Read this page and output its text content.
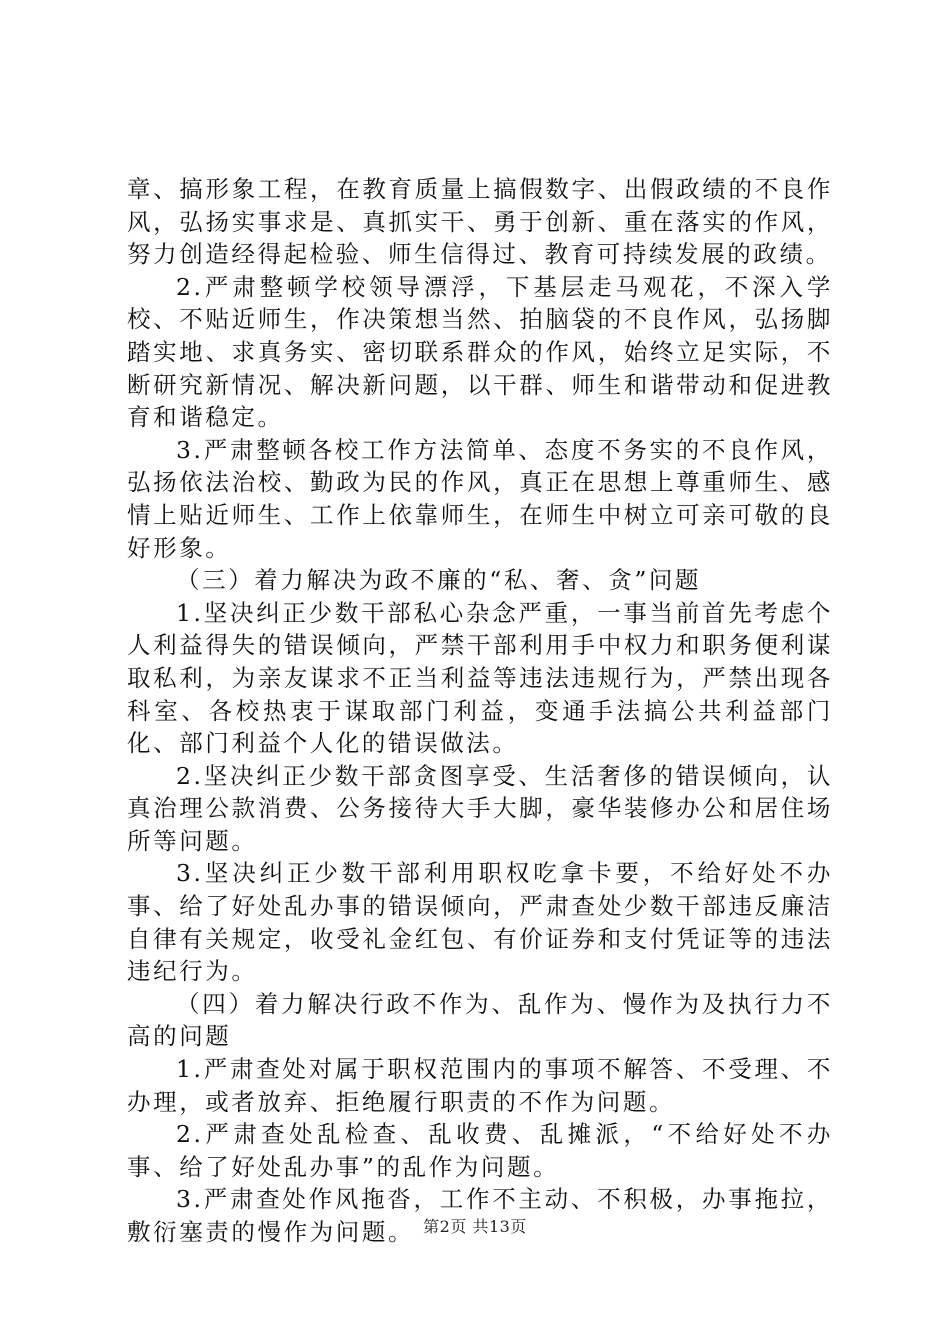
章、搞形象工程，在教育质量上搞假数字、出假政绩的不良作风，弘扬实事求是、真抓实干、勇于创新、重在落实的作风，努力创造经得起检验、师生信得过、教育可持续发展的政绩。

2.严肃整顿学校领导漂浮，下基层走马观花，不深入学校、不贴近师生，作决策想当然、拍脑袋的不良作风，弘扬脚踏实地、求真务实、密切联系群众的作风，始终立足实际，不断研究新情况、解决新问题，以干群、师生和谐带动和促进教育和谐稳定。

3.严肃整顿各校工作方法简单、态度不务实的不良作风，弘扬依法治校、勤政为民的作风，真正在思想上尊重师生、感情上贴近师生、工作上依靠师生，在师生中树立可亲可敬的良好形象。

（三）着力解决为政不廉的“私、奢、贪”问题

1.坚决纠正少数干部私心杂念严重，一事当前首先考虑个人利益得失的错误倾向，严禁干部利用手中权力和职务便利谋取私利，为亲友谋求不正当利益等违法违规行为，严禁出现各科室、各校热衷于谋取部门利益，变通手法搞公共利益部门化、部门利益个人化的错误做法。

2.坚决纠正少数干部贪图享受、生活奢侈的错误倾向，认真治理公款消费、公务接待大手大脚，豪华装修办公和居住场所等问题。

3.坚决纠正少数干部利用职权吃拿卡要，不给好处不办事、给了好处乱办事的错误倾向，严肃查处少数干部违反廉洁自律有关规定，收受礼金红包、有价证券和支付凭证等的违法违纪行为。

（四）着力解决行政不作为、乱作为、慢作为及执行力不高的问题

1.严肃查处对属于职权范围内的事项不解答、不受理、不办理，或者放弃、拒绝履行职责的不作为问题。

2.严肃查处乱检查、乱收费、乱摊派，“不给好处不办事、给了好处乱办事”的乱作为问题。

3.严肃查处作风拖沓，工作不主动、不积极，办事拖拉，敷衍塞责的慢作为问题。 第2页 共13页
